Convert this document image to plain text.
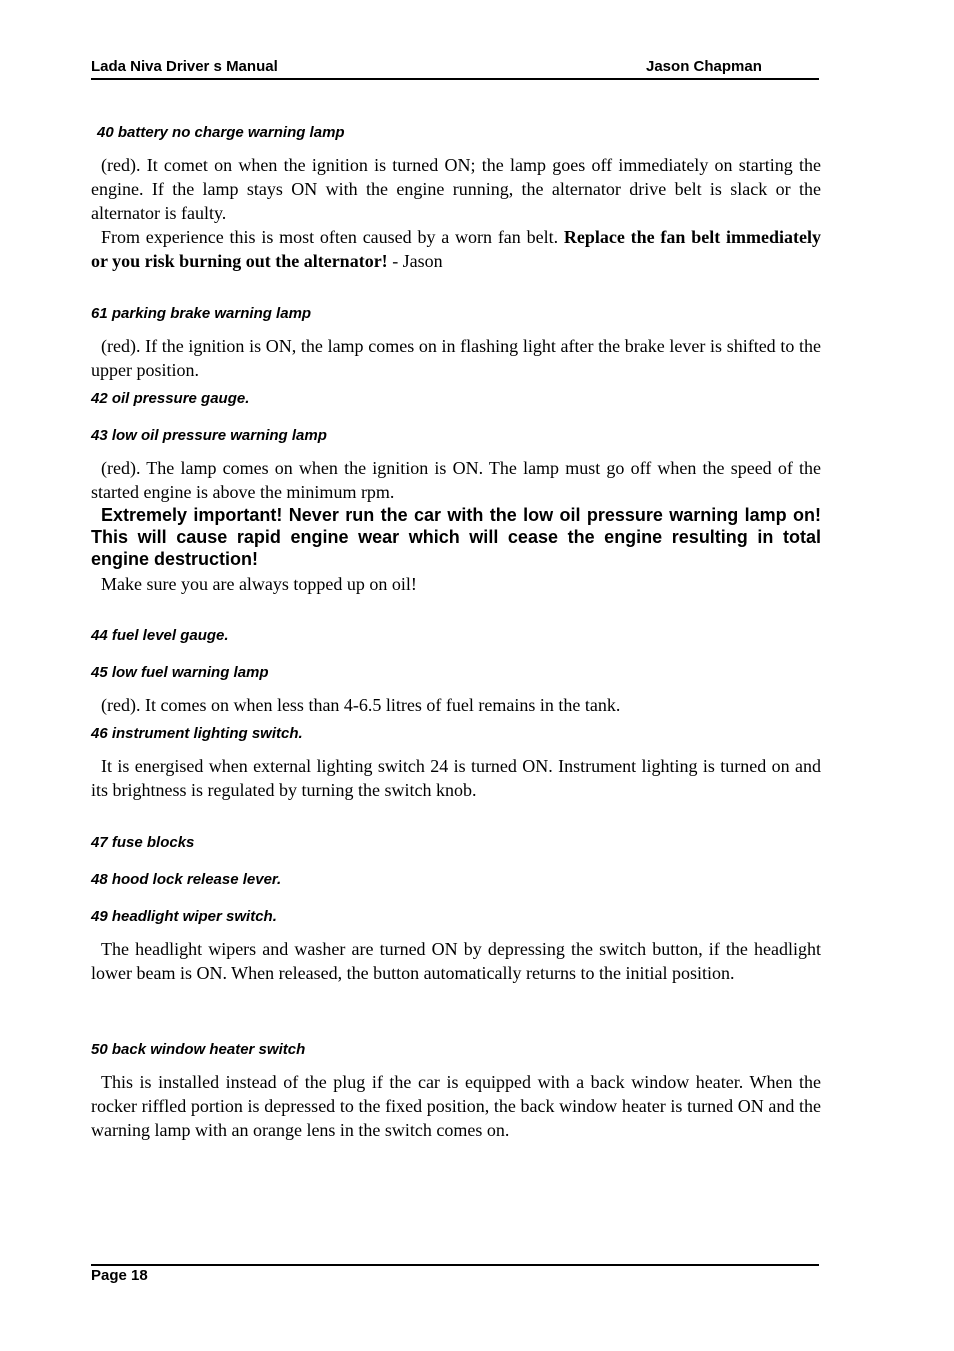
Lada Niva Driver s Manual	Jason Chapman
40 battery no charge warning lamp
(red). It comet on when the ignition is turned ON; the lamp goes off immediately on starting the engine. If the lamp stays ON with the engine running, the alternator drive belt is slack or the alternator is faulty.
From experience this is most often caused by a worn fan belt. Replace the fan belt immediately or you risk burning out the alternator! - Jason
61 parking brake warning lamp
(red). If the ignition is ON, the lamp comes on in flashing light after the brake lever is shifted to the upper position.
42 oil pressure gauge.
43 low oil pressure warning lamp
(red). The lamp comes on when the ignition is ON. The lamp must go off when the speed of the started engine is above the minimum rpm.
Extremely important! Never run the car with the low oil pressure warning lamp on! This will cause rapid engine wear which will cease the engine resulting in total engine destruction!
Make sure you are always topped up on oil!
44 fuel level gauge.
45 low fuel warning lamp
(red). It comes on when less than 4-6.5 litres of fuel remains in the tank.
46 instrument lighting switch.
It is energised when external lighting switch 24 is turned ON. Instrument lighting is turned on and its brightness is regulated by turning the switch knob.
47 fuse blocks
48 hood lock release lever.
49 headlight wiper switch.
The headlight wipers and washer are turned ON by depressing the switch button, if the headlight lower beam is ON. When released, the button automatically returns to the initial position.
50 back window heater switch
This is installed instead of the plug if the car is equipped with a back window heater. When the rocker riffled portion is depressed to the fixed position, the back window heater is turned ON and the warning lamp with an orange lens in the switch comes on.
Page 18
